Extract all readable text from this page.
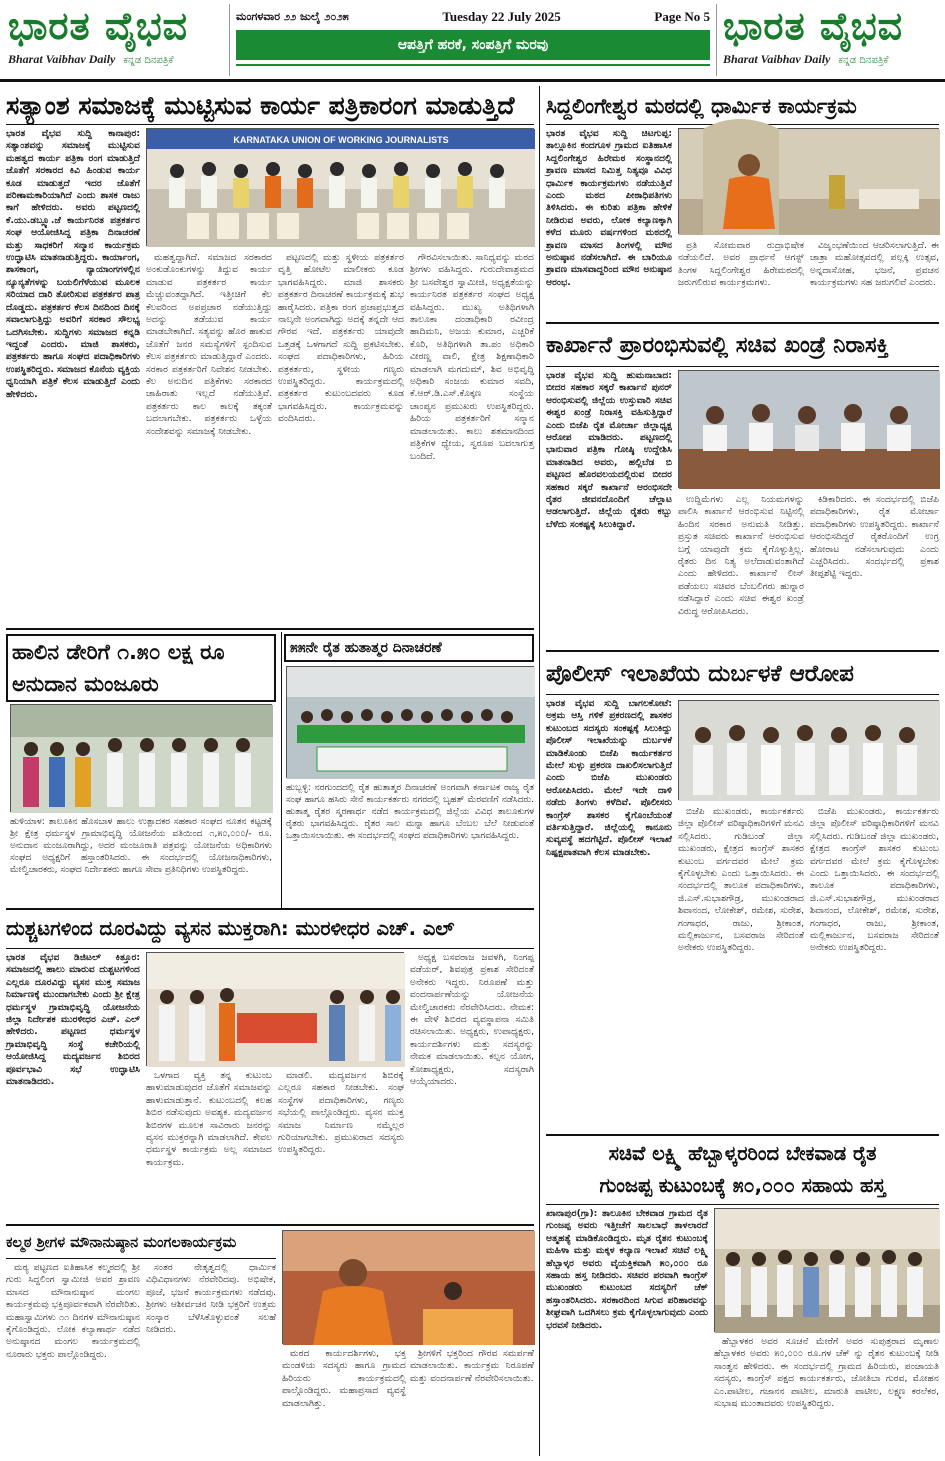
ಭಾರತ ವೈಭವ
Bharat Vaibhav Daily ಕನ್ನಡ ದಿನಪತ್ರಿಕೆ
ಮಂಗಳವಾರ ೨೨ ಜುಲೈ ೨೦೨೫	Tuesday 22 July 2025	Page No 5
ಆಪತ್ತಿಗೆ ಹರಕೆ, ಸಂಪತ್ತಿಗೆ ಮರವು	ಭಾರತ ವೈಭವ
Bharat Vaibhav Daily ಕನ್ನಡ ದಿನಪತ್ರಿಕೆ
ಸತ್ಯಾಂಶ ಸಮಾಜಕ್ಕೆ ಮುಟ್ಟಿಸುವ ಕಾರ್ಯ ಪತ್ರಿಕಾರಂಗ ಮಾಡುತ್ತಿದೆ

ಭಾರತ ವೈಭವ ಸುದ್ದಿ ಕಾನಾಪುರ: ಸತ್ಯಾಂಶವನ್ನು ಸಮಾಜಕ್ಕೆ ಮುಟ್ಟಿಸುವ ಮಹತ್ವದ ಕಾರ್ಯ ಪತ್ರಿಕಾ ರಂಗ ಮಾಡುತ್ತಿದೆ ಜೊತೆಗೆ ಸರಕಾರದ ಕಿವಿ ಹಿಂಡುವ ಕಾರ್ಯ ಕೂಡ ಮಾಡುತ್ತದೆ ಇದರ ಜೊತೆಗೆ ಪರಿಣಾಮಕಾರಿಯಾಗಿದೆ ಎಂದು ಶಾಸಕ ರಾಜು ಕಾಗೆ ಹೇಳಿದರು. ಅವರು ಪಟ್ಟಣದಲ್ಲಿ ಕೆ.ಯು.ಡಬ್ಲ್ಯೂ.ಜೆ ಕಾರ್ಯನಿರತ ಪತ್ರಕರ್ತರ ಸಂಘ ಆಯೋಜಿಸಿದ್ದ ಪತ್ರಿಕಾ ದಿನಾಚರಣೆ ಮತ್ತು ಸಾಧಕರಿಗೆ ಸನ್ಮಾನ ಕಾರ್ಯಕ್ರಮ ಉದ್ಘಾಟಿಸಿ ಮಾತನಾಡುತ್ತಿದ್ದರು. ಕಾರ್ಯಾಂಗ, ಶಾಸಕಾಂಗ, ನ್ಯಾಯಾಂಗಗಳಲ್ಲಿನ ನ್ಯೂನ್ಯತೆಗಳನ್ನು ಬಯಲಿಗೆಳೆಯುವ ಮೂಲಕ ಸರಿಯಾದ ದಾರಿ ತೋರಿಸುವ ಪತ್ರಕರ್ತರ ಪಾತ್ರ ದೊಡ್ಡದು. ಪತ್ರಕರ್ತರ ಕೆಲಸ ದಿನದಿಂದ ದಿನಕ್ಕೆ ಸವಾಲಾಗುತ್ತಿದ್ದು ಅವರಿಗೆ ಸರಕಾರ ಸೌಲಭ್ಯ ಒದಗಿಸಬೇಕು. ಸುದ್ದಿಗಳು ಸಮಾಜದ ಕನ್ನಡಿ ಇದ್ದಂತೆ ಎಂದರು. ಮಾಜಿ ಶಾಸಕರು, ಪತ್ರಕರ್ತರು ಹಾಗೂ ಸಂಘದ ಪದಾಧಿಕಾರಿಗಳು ಉಪಸ್ಥಿತರಿದ್ದರು. ಸಮಾಜದ ಕೊನೆಯ ವ್ಯಕ್ತಿಯ ಧ್ವನಿಯಾಗಿ ಪತ್ರಿಕೆ ಕೆಲಸ ಮಾಡುತ್ತಿದೆ ಎಂದು ಹೇಳಿದರು.

KARNATAKA UNION OF WORKING JOURNALISTS

ಮಹತ್ವದ್ದಾಗಿದೆ. ಸಮಾಜದ ಸರಕಾರದ ಅಂಕುಡೊಂಕುಗಳನ್ನು ತಿದ್ದುವ ಕಾರ್ಯ ಮಾಡುವ ಪತ್ರಕರ್ತರ ಕಾರ್ಯ ಮೆಚ್ಚುವಂತದ್ದಾಗಿದೆ. ಇತ್ತೀಚಿಗೆ ಕೆಲ ಕೆಲವರಿಂದ ಅಪಪ್ರಚಾರ ನಡೆಯುತ್ತಿದ್ದು ಅದನ್ನು ತಡೆಯುವ ಕಾರ್ಯ ಮಾಡಬೇಕಾಗಿದೆ. ಸತ್ಯವನ್ನು ಹೊರ ಹಾಕುವ ಜೊತೆಗೆ ಜನರ ಸಮಸ್ಯೆಗಳಿಗೆ ಸ್ಪಂದಿಸುವ ಕೆಲಸ ಪತ್ರಕರ್ತರು ಮಾಡುತ್ತಿದ್ದಾರೆ ಎಂದರು. ಸರಕಾರ ಪತ್ರಕರ್ತರಿಗೆ ನಿವೇಶನ ನೀಡಬೇಕು. ಕೆಲ ಅನುದಿನ ಪತ್ರಿಕೆಗಳು ಸರಕಾರದ ಜಾಹಿರಾತು ಇಲ್ಲದೆ ನಡೆಯುತ್ತಿವೆ. ಪತ್ರಕರ್ತರು ಕಾಲ ಕಾಲಕ್ಕೆ ತಕ್ಕಂತೆ ಬದಲಾಗಬೇಕು. ಪತ್ರಕರ್ತರು ಒಳ್ಳೆಯ ಸಂದೇಶವನ್ನು ಸಮಾಜಕ್ಕೆ ನೀಡಬೇಕು.

ಪಟ್ಟಣದಲ್ಲಿ ಮತ್ತು ಸ್ಥಳೀಯ ಪತ್ರಕರ್ತರ ವೃತ್ತಿ ಹೋಟೆಲ ಮಾಲೀಕರು ಕೂಡ ಭಾಗವಹಿಸಿದ್ದರು. ಮಾಜಿ ಶಾಸಕರು ಪತ್ರಕರ್ತರ ದಿನಾಚರಣೆ ಕಾರ್ಯಕ್ರಮಕ್ಕೆ ಶುಭ ಹಾರೈಸಿದರು. ಪತ್ರಿಕಾ ರಂಗ ಪ್ರಜಾಪ್ರಭುತ್ವದ ನಾಲ್ಕನೇ ಅಂಗವಾಗಿದ್ದು ಅದಕ್ಕೆ ತನ್ನದೇ ಆದ ಗೌರವ ಇದೆ. ಪತ್ರಕರ್ತರು ಯಾವುದೇ ಒತ್ತಡಕ್ಕೆ ಒಳಗಾಗದೆ ಸುದ್ದಿ ಪ್ರಕಟಿಸಬೇಕು. ಸಂಘದ ಪದಾಧಿಕಾರಿಗಳು, ಹಿರಿಯ ಪತ್ರಕರ್ತರು, ಸ್ಥಳೀಯ ಗಣ್ಯರು ಉಪಸ್ಥಿತರಿದ್ದರು. ಕಾರ್ಯಕ್ರಮದಲ್ಲಿ ಪತ್ರಕರ್ತರ ಕುಟುಂಬದವರು ಕೂಡ ಭಾಗವಹಿಸಿದ್ದರು. ಕಾರ್ಯಕ್ರಮವನ್ನು ವಂದಿಸಿದರು.

ಗೌರವಿಸಲಾಯಿತು. ಸಾನಿಧ್ಯವನ್ನು ಮಠದ ಶ್ರೀಗಳು ವಹಿಸಿದ್ದರು. ಗುರುದೇವಾಶ್ರಮದ ಶ್ರೀ ಬಸವೇಶ್ವರ ಸ್ವಾಮೀಜಿ, ಅಧ್ಯಕ್ಷತೆಯನ್ನು ಕಾರ್ಯನಿರತ ಪತ್ರಕರ್ತರ ಸಂಘದ ಅಧ್ಯಕ್ಷ ವಹಿಸಿದ್ದರು. ಮುಖ್ಯ ಅತಿಥಿಗಳಾಗಿ ತಾಲೂಕಾ ದಂಡಾಧಿಕಾರಿ ರವೀಂದ್ರ ಹಾದಿಮನಿ, ಅಜಯ ಕುಮಾರ, ಎಚ್ಚರಿಕೆ ಕೊರಿ, ಅತಿಥಿಗಳಾಗಿ ತಾ.ಪಂ ಅಧಿಕಾರಿ ವೀರಣ್ಣ ವಾಲಿ, ಕ್ಷೇತ್ರ ಶಿಕ್ಷಣಾಧಿಕಾರಿ ಮಾಡಲಾಗಿ ಮಗದುಮ್, ಶಿವ ಅಭಿವೃದ್ಧಿ ಅಧಿಕಾರಿ ಸಂಜಯ ಕುಮಾರ ಸವದಿ, ಕೆ.ಆರ್.ಡಿ.ಎಸ್.ಕೊಕ್ಕಣ ಸಂಸ್ಥೆಯ ಚಾಂಪ್ಯನ ಪ್ರಮುಖರು ಉಪಸ್ಥಿತರಿದ್ದರು. ಹಿರಿಯ ಪತ್ರಕರ್ತರಿಗೆ ಸನ್ಮಾನ ಮಾಡಲಾಯಿತು. ಕಾಲು ಶತಮಾನದಿಂದ ಪತ್ರಿಕೆಗಳ ಧ್ಯೇಯ, ಸ್ವರೂಪ ಬದಲಾಗುತ್ತ ಬಂದಿದೆ.

ಸಿದ್ದಲಿಂಗೇಶ್ವರ ಮಠದಲ್ಲಿ ಧಾರ್ಮಿಕ ಕಾರ್ಯಕ್ರಮ

ಭಾರತ ವೈಭವ ಸುದ್ದಿ ಚಿಟಗುಪ್ಪ: ತಾಲ್ಲೂಕಿನ ಕಂದಗೂಳ ಗ್ರಾಮದ ಐತಿಹಾಸಿಕ ಸಿದ್ದಲಿಂಗೇಶ್ವರ ಹಿರೇಮಠ ಸಂಸ್ಥಾನದಲ್ಲಿ ಶ್ರಾವಣ ಮಾಸದ ನಿಮಿತ್ತ ನಿತ್ಯವೂ ವಿವಿಧ ಧಾರ್ಮಿಕ ಕಾರ್ಯಕ್ರಮಗಳು ನಡೆಯುತ್ತಿವೆ ಎಂದು ಮಠದ ಪೀಠಾಧಿಪತಿಗಳು ತಿಳಿಸಿದರು. ಈ ಕುರಿತು ಪತ್ರಿಕಾ ಹೇಳಿಕೆ ನೀಡಿರುವ ಅವರು, ಲೋಕ ಕಲ್ಯಾಣಕ್ಕಾಗಿ ಕಳೆದ ಮೂರು ವರ್ಷಗಳಿಂದ ಮಠದಲ್ಲಿ ಶ್ರಾವಣ ಮಾಸದ ತಿಂಗಳಲ್ಲಿ ಮೌನ ಅನುಷ್ಠಾನ ನಡೆಸಲಾಗಿದೆ. ಈ ಬಾರಿಯೂ ಶ್ರಾವಣ ಮಾಸವಾದ್ದರಿಂದ ಮೌನ ಅನುಷ್ಠಾನ ಆರಂಭ.

ಪ್ರತಿ ಸೋಮವಾರ ರುದ್ರಾಭಿಷೇಕ ನಡೆಯಲಿದೆ. ಅವರ ಪ್ರಾರ್ಥನೆ ಆಗಸ್ಟ್ ತಿಂಗಳ ಸಿದ್ದಲಿಂಗೇಶ್ವರ ಹಿರೇಮಠದಲ್ಲಿ ಜರುಗಲಿರುವ ಕಾರ್ಯಕ್ರಮಗಳು.

ವಿಜೃಂಭಣೆಯಿಂದ ಆಚರಿಸಲಾಗುತ್ತಿದೆ. ಈ ಜಾತ್ರಾ ಮಹೋತ್ಸವದಲ್ಲಿ ಪಲ್ಲಕ್ಕಿ ಉತ್ಸವ, ಅನ್ನದಾಸೋಹ, ಭಜನೆ, ಪ್ರವಚನ ಕಾರ್ಯಕ್ರಮಗಳು ಸಹ ಜರುಗಲಿವೆ ಎಂದರು.

ಕಾರ್ಖಾನೆ ಪ್ರಾರಂಭಿಸುವಲ್ಲಿ ಸಚಿವ ಖಂಡ್ರೆ ನಿರಾಸಕ್ತಿ

ಭಾರತ ವೈಭವ ಸುದ್ದಿ ಹುಮನಾಬಾದ: ಬೀದರ ಸಹಕಾರ ಸಕ್ಕರೆ ಕಾರ್ಖಾನೆ ಪುನರ್ ಆರಂಭಿಸುವಲ್ಲಿ ಜಿಲ್ಲೆಯ ಉಸ್ತುವಾರಿ ಸಚಿವ ಈಶ್ವರ ಖಂಡ್ರೆ ನಿರಾಸಕ್ತಿ ವಹಿಸುತ್ತಿದ್ದಾರೆ ಎಂದು ಬಿಜೆಪಿ ರೈತ ಮೋರ್ಚಾ ಜಿಲ್ಲಾಧ್ಯಕ್ಷ ಆರೋಪ ಮಾಡಿದರು. ಪಟ್ಟಣದಲ್ಲಿ ಭಾನುವಾರ ಪತ್ರಿಕಾ ಗೋಷ್ಠಿ ಉದ್ದೇಶಿಸಿ ಮಾತನಾಡಿದ ಅವರು, ಹಲ್ಲಿಬೆಡ ಬಿ ಪಟ್ಟಣದ ಹೊರವಲಯದಲ್ಲಿರುವ ಬೀದರ ಸಹಕಾರ ಸಕ್ಕರೆ ಕಾರ್ಖಾನೆ ಆರಂಭಿಸದೇ ರೈತರ ಜೀವನದೊಂದಿಗೆ ಚೆಲ್ಲಾಟ ಆಡಲಾಗುತ್ತಿದೆ. ಜಿಲ್ಲೆಯ ರೈತರು ಕಬ್ಬು ಬೆಳೆದು ಸಂಕಷ್ಟಕ್ಕೆ ಸಿಲುಕಿದ್ದಾರೆ.

ಉದ್ದಿಮೆಗಳು ಎಲ್ಲ ನಿಯಮಗಳನ್ನು ಪಾಲಿಸಿ ಕಾರ್ಖಾನೆ ಆರಂಭಿಸುವ ನಿಟ್ಟಿನಲ್ಲಿ ಹಿಂದಿನ ಸರಕಾರ ಅನುಮತಿ ನೀಡಿತ್ತು. ಪ್ರಸ್ತುತ ಸಚಿವರು ಕಾರ್ಖಾನೆ ಆರಂಭಿಸುವ ಬಗ್ಗೆ ಯಾವುದೇ ಕ್ರಮ ಕೈಗೊಳ್ಳುತ್ತಿಲ್ಲ. ರೈತರು ದಿನ ನಿತ್ಯ ಅಲೆದಾಡುವಂತಾಗಿದೆ ಎಂದು ಹೇಳಿದರು. ಕಾರ್ಖಾನೆ ಲೀಸ್ ಪಡೆಯಲು ಸಚಿವರ ಬೆಂಬಲಿಗರು ಹುನ್ನಾರ ನಡೆಸಿದ್ದಾರೆ ಎಂದು ಸಚಿವ ಈಶ್ವರ ಖಂಡ್ರೆ ವಿರುದ್ಧ ಆರೋಪಿಸಿದರು.

ಕಿಡಿಕಾರಿದರು. ಈ ಸಂದರ್ಭದಲ್ಲಿ ಬಿಜೆಪಿ ಪದಾಧಿಕಾರಿಗಳು, ರೈತ ಮೋರ್ಚಾ ಪದಾಧಿಕಾರಿಗಳು ಉಪಸ್ಥಿತರಿದ್ದರು. ಕಾರ್ಖಾನೆ ಆರಂಭಿಸದಿದ್ದರೆ ರೈತರೊಂದಿಗೆ ಉಗ್ರ ಹೋರಾಟ ನಡೆಸಲಾಗುವುದು ಎಂದು ಎಚ್ಚರಿಸಿದರು. ಸಂದರ್ಭದಲ್ಲಿ ಪ್ರಕಾಶ ತೀಪ್ಪಶೆಟ್ಟಿ ಇದ್ದರು.

ಪೊಲೀಸ್ ಇಲಾಖೆಯ ದುರ್ಬಳಕೆ ಆರೋಪ

ಭಾರತ ವೈಭವ ಸುದ್ದಿ ಬಾಗಲಕೋಟೆ: ಅಕ್ರಮ ಆಸ್ತಿ ಗಳಿಕೆ ಪ್ರಕರಣದಲ್ಲಿ ಶಾಸಕರ ಕುಟುಂಬದ ಸದಸ್ಯರು ಸಂಕಷ್ಟಕ್ಕೆ ಸಿಲುಕಿದ್ದು ಪೊಲೀಸ್ ಇಲಾಖೆಯನ್ನು ದುರ್ಬಳಕೆ ಮಾಡಿಕೊಂಡು ಬಿಜೆಪಿ ಕಾರ್ಯಕರ್ತರ ಮೇಲೆ ಸುಳ್ಳು ಪ್ರಕರಣ ದಾಖಲಿಸಲಾಗುತ್ತಿದೆ ಎಂದು ಬಿಜೆಪಿ ಮುಖಂಡರು ಆರೋಪಿಸಿದರು. ಮೇಲೆ ಇದೇ ದಾಳಿ ನಡೆದು ತಿಂಗಳು ಕಳೆದಿವೆ. ಪೊಲೀಸರು ಕಾಂಗ್ರೆಸ್ ಶಾಸಕರ ಕೈಗೊಂಬೆಯಂತೆ ವರ್ತಿಸುತ್ತಿದ್ದಾರೆ. ಜಿಲ್ಲೆಯಲ್ಲಿ ಕಾನೂನು ಸುವ್ಯವಸ್ಥೆ ಹದಗೆಟ್ಟಿದೆ. ಪೊಲೀಸ್ ಇಲಾಖೆ ನಿಷ್ಪಕ್ಷಪಾತವಾಗಿ ಕೆಲಸ ಮಾಡಬೇಕು.

ಬಿಜೆಪಿ ಮುಖಂಡರು, ಕಾರ್ಯಕರ್ತರು ಜಿಲ್ಲಾ ಪೊಲೀಸ್ ವರಿಷ್ಠಾಧಿಕಾರಿಗಳಿಗೆ ಮನವಿ ಸಲ್ಲಿಸಿದರು. ಗುಡಿಬಂಡೆ ಜಿಲ್ಲಾ ಮುಖಂಡರು, ಕ್ಷೇತ್ರದ ಕಾಂಗ್ರೆಸ್ ಶಾಸಕರ ಕುಟುಂಬ ವರ್ಗದವರ ಮೇಲೆ ಕ್ರಮ ಕೈಗೊಳ್ಳಬೇಕು ಎಂದು ಒತ್ತಾಯಿಸಿದರು. ಈ ಸಂದರ್ಭದಲ್ಲಿ ತಾಲೂಕ ಪದಾಧಿಕಾರಿಗಳು, ಜಿ.ಎಸ್.ಸುಭಾಶಗೌಡ್ರ, ಮುಖಂಡರಾದ ಶಿವಾನಂದ, ಲೋಕೇಶ್, ರಮೇಶ, ಸುರೇಶ, ಗಂಗಾಧರ, ರಾಜು, ಶ್ರೀಕಾಂತ, ಮಲ್ಲಿಕಾರ್ಜುನ, ಬಸವರಾಜ ಸೇರಿದಂತೆ ಅನೇಕರು ಉಪಸ್ಥಿತರಿದ್ದರು.

ಬಿಜೆಪಿ ಮುಖಂಡರು, ಕಾರ್ಯಕರ್ತರು ಜಿಲ್ಲಾ ಪೊಲೀಸ್ ವರಿಷ್ಠಾಧಿಕಾರಿಗಳಿಗೆ ಮನವಿ ಸಲ್ಲಿಸಿದರು. ಗುಡಿಬಂಡೆ ಜಿಲ್ಲಾ ಮುಖಂಡರು, ಕ್ಷೇತ್ರದ ಕಾಂಗ್ರೆಸ್ ಶಾಸಕರ ಕುಟುಂಬ ವರ್ಗದವರ ಮೇಲೆ ಕ್ರಮ ಕೈಗೊಳ್ಳಬೇಕು ಎಂದು ಒತ್ತಾಯಿಸಿದರು. ಈ ಸಂದರ್ಭದಲ್ಲಿ ತಾಲೂಕ ಪದಾಧಿಕಾರಿಗಳು, ಜಿ.ಎಸ್.ಸುಭಾಶಗೌಡ್ರ, ಮುಖಂಡರಾದ ಶಿವಾನಂದ, ಲೋಕೇಶ್, ರಮೇಶ, ಸುರೇಶ, ಗಂಗಾಧರ, ರಾಜು, ಶ್ರೀಕಾಂತ, ಮಲ್ಲಿಕಾರ್ಜುನ, ಬಸವರಾಜ ಸೇರಿದಂತೆ ಅನೇಕರು ಉಪಸ್ಥಿತರಿದ್ದರು.

ಹಾಲಿನ ಡೇರಿಗೆ ೧.೫೦ ಲಕ್ಷ ರೂ ಅನುದಾನ ಮಂಜೂರು
ಹುಳಿಯಾಳ: ತಾಲೂಕಿನ ಹೊಸಬಾಳ ಹಾಲು ಉತ್ಪಾದಕರ ಸಹಕಾರ ಸಂಘದ ನೂತನ ಕಟ್ಟಡಕ್ಕೆ ಶ್ರೀ ಕ್ಷೇತ್ರ ಧರ್ಮಸ್ಥಳ ಗ್ರಾಮಾಭಿವೃದ್ಧಿ ಯೋಜನೆಯ ವತಿಯಿಂದ ೧,೫೦,೦೦೦/- ರೂ. ಅನುದಾನ ಮಂಜೂರಾಗಿದ್ದು, ಅದರ ಮಂಜೂರಾತಿ ಪತ್ರವನ್ನು ಯೋಜನೆಯ ಅಧಿಕಾರಿಗಳು ಸಂಘದ ಅಧ್ಯಕ್ಷರಿಗೆ ಹಸ್ತಾಂತರಿಸಿದರು. ಈ ಸಂದರ್ಭದಲ್ಲಿ ಯೋಜನಾಧಿಕಾರಿಗಳು, ಮೇಲ್ವಿಚಾರಕರು, ಸಂಘದ ನಿರ್ದೇಶಕರು ಹಾಗೂ ಸೇವಾ ಪ್ರತಿನಿಧಿಗಳು ಉಪಸ್ಥಿತರಿದ್ದರು.
೫೫ನೇ ರೈತ ಹುತಾತ್ಮರ ದಿನಾಚರಣೆ
ಹುಬ್ಬಳ್ಳಿ: ನರಗುಂದದಲ್ಲಿ ರೈತ ಹುತಾತ್ಮರ ದಿನಾಚರಣೆ ಅಂಗವಾಗಿ ಕರ್ನಾಟಕ ರಾಜ್ಯ ರೈತ ಸಂಘ ಹಾಗೂ ಹಸಿರು ಸೇನೆ ಕಾರ್ಯಕರ್ತರು ನಗರದಲ್ಲಿ ಬೃಹತ್ ಮೆರವಣಿಗೆ ನಡೆಸಿದರು. ಹುತಾತ್ಮ ರೈತರ ಸ್ಮರಣಾರ್ಥ ನಡೆದ ಕಾರ್ಯಕ್ರಮದಲ್ಲಿ ಜಿಲ್ಲೆಯ ವಿವಿಧ ತಾಲೂಕುಗಳ ರೈತರು ಭಾಗವಹಿಸಿದ್ದರು. ರೈತರ ಸಾಲ ಮನ್ನಾ ಹಾಗೂ ಬೆಂಬಲ ಬೆಲೆ ನೀಡುವಂತೆ ಒತ್ತಾಯಿಸಲಾಯಿತು. ಈ ಸಂದರ್ಭದಲ್ಲಿ ಸಂಘದ ಪದಾಧಿಕಾರಿಗಳು ಭಾಗವಹಿಸಿದ್ದರು.
ದುಶ್ಚಟಗಳಿಂದ ದೂರವಿದ್ದು ವ್ಯಸನ ಮುಕ್ತರಾಗಿ: ಮುರಳೀಧರ ಎಚ್. ಎಲ್

ಭಾರತ ವೈಭವ ಡಿಜಿಟಲ್ ಕಿತ್ತೂರ: ಸಮಾಜದಲ್ಲಿ ಹಾಲು ಮಾರುವ ದುಶ್ಚಟಗಳಿಂದ ಎಲ್ಲರೂ ದೂರವಿದ್ದು ವ್ಯಸನ ಮುಕ್ತ ಸಮಾಜ ನಿರ್ಮಾಣಕ್ಕೆ ಮುಂದಾಗಬೇಕು ಎಂದು ಶ್ರೀ ಕ್ಷೇತ್ರ ಧರ್ಮಸ್ಥಳ ಗ್ರಾಮಾಭಿವೃದ್ಧಿ ಯೋಜನೆಯ ಜಿಲ್ಲಾ ನಿರ್ದೇಶಕ ಮುರಳೀಧರ ಎಚ್. ಎಲ್ ಹೇಳಿದರು. ಪಟ್ಟಣದ ಧರ್ಮಸ್ಥಳ ಗ್ರಾಮಾಭಿವೃದ್ಧಿ ಸಂಸ್ಥೆ ಕಚೇರಿಯಲ್ಲಿ ಆಯೋಜಿಸಿದ್ದ ಮದ್ಯವರ್ಜನ ಶಿಬಿರದ ಪೂರ್ವಭಾವಿ ಸಭೆ ಉದ್ಘಾಟಿಸಿ ಮಾತನಾಡಿದರು.

ಒಳಗಾದ ವ್ಯಕ್ತಿ ತನ್ನ ಕುಟುಂಬ ಹಾಳುಮಾಡುವುದರ ಜೊತೆಗೆ ಸಮಾಜವನ್ನು ಹಾಳುಮಾಡುತ್ತಾನೆ. ಕುಟುಂಬದಲ್ಲಿ ಕಲಹ ಶಿಬಿರ ನಡೆಸುವುದು ಅವಶ್ಯಕ. ಮದ್ಯವರ್ಜನ ಶಿಬಿರಗಳ ಮೂಲಕ ಸಾವಿರಾರು ಜನರನ್ನು ವ್ಯಸನ ಮುಕ್ತರನ್ನಾಗಿ ಮಾಡಲಾಗಿದೆ. ಕೇವಲ ಧರ್ಮಸ್ಥಳ ಕಾರ್ಯಕ್ರಮ ಅಲ್ಲ ಸಮಾಜದ ಕಾರ್ಯಕ್ರಮ.

ಮಾಡಲಿ. ಮದ್ಯವರ್ಜನ ಶಿಬಿರಕ್ಕೆ ಎಲ್ಲರೂ ಸಹಕಾರ ನೀಡಬೇಕು. ಸಂಘ ಸಂಸ್ಥೆಗಳ ಪದಾಧಿಕಾರಿಗಳು, ಗಣ್ಯರು ಸಭೆಯಲ್ಲಿ ಪಾಲ್ಗೊಂಡಿದ್ದರು. ವ್ಯಸನ ಮುಕ್ತ ಸಮಾಜ ನಿರ್ಮಾಣ ನಮ್ಮೆಲ್ಲರ ಗುರಿಯಾಗಬೇಕು. ಪ್ರಮುಖರಾದ ಸದಸ್ಯರು ಉಪಸ್ಥಿತರಿದ್ದರು.

ಅಧ್ಯಕ್ಷ ಬಸವರಾಜ ಜವಳಗಿ, ನಿಂಗಪ್ಪ ವಡೆಯರ್, ಶಿವಪುತ್ರ ಪ್ರಕಾಶ ಸೇರಿದಂತೆ ಅನೇಕರು ಇದ್ದರು. ನಿರೂಪಣೆ ಮತ್ತು ವಂದನಾರ್ಪಣೆಯನ್ನು ಯೋಜನೆಯ ಮೇಲ್ವಿಚಾರಕರು ನೆರವೇರಿಸಿದರು. ನೇಮಕ: ಈ ವೇಳೆ ಶಿಬಿರದ ವ್ಯವಸ್ಥಾಪನಾ ಸಮಿತಿ ರಚಿಸಲಾಯಿತು. ಅಧ್ಯಕ್ಷರು, ಉಪಾಧ್ಯಕ್ಷರು, ಕಾರ್ಯದರ್ಶಿಗಳು ಮತ್ತು ಸದಸ್ಯರನ್ನು ನೇಮಕ ಮಾಡಲಾಯಿತು. ಕಲ್ಪನ ಯೋಗ, ಕೋಶಾಧ್ಯಕ್ಷರು, ಸದಸ್ಯರಾಗಿ ಆಯ್ಕೆಯಾದರು.

ಸಚಿವೆ ಲಕ್ಷ್ಮಿ ಹೆಬ್ಬಾಳ್ಕರರಿಂದ ಬೇಕವಾಡ ರೈತ
ಗುಂಜಪ್ಪ ಕುಟುಂಬಕ್ಕೆ ೫೦,೦೦೦ ಸಹಾಯ ಹಸ್ತ

ಖಾನಾಪುರ(ಗ್ರಾ): ತಾಲೂಕಿನ ಬೇಕವಾಡ ಗ್ರಾಮದ ರೈತ ಗುಂಜಪ್ಪ ಅವರು ಇತ್ತೀಚೆಗೆ ಸಾಲಬಾಧೆ ತಾಳಲಾರದೆ ಆತ್ಮಹತ್ಯೆ ಮಾಡಿಕೊಂಡಿದ್ದರು. ಮೃತ ರೈತನ ಕುಟುಂಬಕ್ಕೆ ಮಹಿಳಾ ಮತ್ತು ಮಕ್ಕಳ ಕಲ್ಯಾಣ ಇಲಾಖೆ ಸಚಿವೆ ಲಕ್ಷ್ಮಿ ಹೆಬ್ಬಾಳ್ಕರ ಅವರು ವೈಯಕ್ತಿಕವಾಗಿ ೫೦,೦೦೦ ರೂ ಸಹಾಯ ಹಸ್ತ ನೀಡಿದರು. ಸಚಿವರ ಪರವಾಗಿ ಕಾಂಗ್ರೆಸ್ ಮುಖಂಡರು ಕುಟುಂಬದ ಸದಸ್ಯರಿಗೆ ಚೆಕ್ ಹಸ್ತಾಂತರಿಸಿದರು. ಸರಕಾರದಿಂದ ಸಿಗುವ ಪರಿಹಾರವನ್ನು ಶೀಘ್ರವಾಗಿ ಒದಗಿಸಲು ಕ್ರಮ ಕೈಗೊಳ್ಳಲಾಗುವುದು ಎಂದು ಭರವಸೆ ನೀಡಿದರು.

ಹೆಬ್ಬಾಳಕರ ಅವರ ಸೂಚನೆ ಮೇರೆಗೆ ಅವರ ಸುಪುತ್ರರಾದ ಮೃಣಾಲ ಹೆಬ್ಬಾಳಕರ ಅವರು ೫೦,೦೦೦ ರೂ.ಗಳ ಚೆಕ್ ನ್ನು ರೈತನ ಕುಟುಂಬಕ್ಕೆ ನೀಡಿ ಸಾಂತ್ವನ ಹೇಳಿದರು. ಈ ಸಂದರ್ಭದಲ್ಲಿ ಗ್ರಾಮದ ಹಿರಿಯರು, ಪಂಚಾಯತಿ ಸದಸ್ಯರು, ಕಾಂಗ್ರೆಸ್ ಪಕ್ಷದ ಕಾರ್ಯಕರ್ತರು, ಜೋತಿಬಾ ಗುರವ, ಮೋಹನ ಎಂ.ಪಾಟೀಲ, ಗಜಾನನ ಪಾಟೀಲ, ಮಾರುತಿ ಪಾಟೀಲ, ಲಕ್ಷ್ಮಣ ಕರಲೆಕರ, ಸುಭಾಷ ಮುಂತಾದವರು ಉಪಸ್ಥಿತರಿದ್ದರು.

ಕಲ್ಮಠ ಶ್ರೀಗಳ ಮೌನಾನುಷ್ಠಾನ ಮಂಗಲಕಾರ್ಯಕ್ರಮ

ಮಠ್ಯ ಪಟ್ಟಣದ ಐತಿಹಾಸಿಕ ಕಲ್ಮಠದಲ್ಲಿ ಶ್ರೀ ಗುರು ಸಿದ್ಧಲಿಂಗ ಸ್ವಾಮೀಜಿ ಅವರ ಶ್ರಾವಣ ಮಾಸದ ಮೌನಾನುಷ್ಠಾನ ಮಂಗಲ ಕಾರ್ಯಕ್ರಮವು ಭಕ್ತಿಪೂರ್ವಕವಾಗಿ ನೆರವೇರಿತು. ಮಹಾಸ್ವಾಮಿಗಳು ೧೧ ದಿನಗಳ ಮೌನಾನುಷ್ಠಾನ ಕೈಗೊಂಡಿದ್ದರು. ಲೋಕ ಕಲ್ಯಾಣಾರ್ಥ ನಡೆದ ಅನುಷ್ಠಾನದ ಮಂಗಲ ಕಾರ್ಯಕ್ರಮದಲ್ಲಿ ನೂರಾರು ಭಕ್ತರು ಪಾಲ್ಗೊಂಡಿದ್ದರು.

ಸಂತರ ನೇತೃತ್ವದಲ್ಲಿ ಧಾರ್ಮಿಕ ವಿಧಿವಿಧಾನಗಳು ನೆರವೇರಿದವು. ಅಭಿಷೇಕ, ಪೂಜೆ, ಭಜನೆ ಕಾರ್ಯಕ್ರಮಗಳು ನಡೆದವು. ಶ್ರೀಗಳು ಆಶೀರ್ವಚನ ನೀಡಿ ಭಕ್ತರಿಗೆ ಉತ್ತಮ ಸಂಸ್ಕಾರ ಬೆಳೆಸಿಕೊಳ್ಳುವಂತೆ ಸಲಹೆ ನೀಡಿದರು.

ಮಠದ ಕಾರ್ಯದರ್ಶಿಗಳು, ಭಕ್ತ ಮಂಡಳಿಯ ಸದಸ್ಯರು ಹಾಗೂ ಗ್ರಾಮದ ಹಿರಿಯರು ಕಾರ್ಯಕ್ರಮದಲ್ಲಿ ಪಾಲ್ಗೊಂಡಿದ್ದರು. ಮಹಾಪ್ರಸಾದ ವ್ಯವಸ್ಥೆ ಮಾಡಲಾಗಿತ್ತು.

ಶ್ರೀಗಳಿಗೆ ಭಕ್ತರಿಂದ ಗೌರವ ಸಮರ್ಪಣೆ ಮಾಡಲಾಯಿತು. ಕಾರ್ಯಕ್ರಮ ನಿರೂಪಣೆ ಮತ್ತು ವಂದನಾರ್ಪಣೆ ನೆರವೇರಿಸಲಾಯಿತು.
